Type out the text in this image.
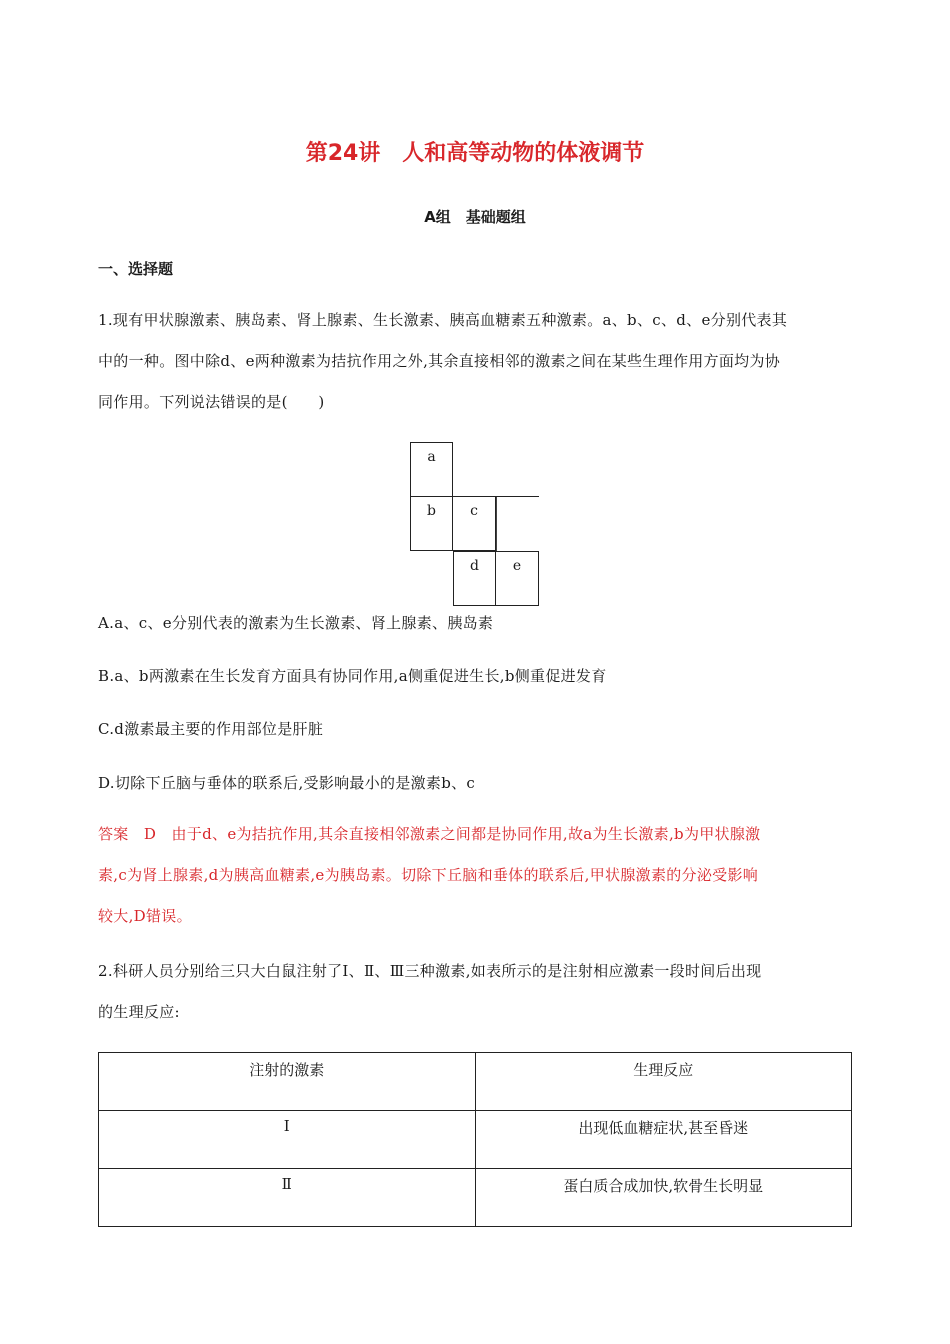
第24讲　人和高等动物的体液调节
A组　基础题组
一、选择题
1.现有甲状腺激素、胰岛素、肾上腺素、生长激素、胰高血糖素五种激素。a、b、c、d、e分别代表其
中的一种。图中除d、e两种激素为拮抗作用之外,其余直接相邻的激素之间在某些生理作用方面均为协
同作用。下列说法错误的是(　　)
a
b	c
d	e
A.a、c、e分别代表的激素为生长激素、肾上腺素、胰岛素
B.a、b两激素在生长发育方面具有协同作用,a侧重促进生长,b侧重促进发育
C.d激素最主要的作用部位是肝脏
D.切除下丘脑与垂体的联系后,受影响最小的是激素b、c
答案　D　由于d、e为拮抗作用,其余直接相邻激素之间都是协同作用,故a为生长激素,b为甲状腺激
素,c为肾上腺素,d为胰高血糖素,e为胰岛素。切除下丘脑和垂体的联系后,甲状腺激素的分泌受影响
较大,D错误。
2.科研人员分别给三只大白鼠注射了Ⅰ、Ⅱ、Ⅲ三种激素,如表所示的是注射相应激素一段时间后出现
的生理反应:
注射的激素	生理反应
Ⅰ	出现低血糖症状,甚至昏迷
Ⅱ	蛋白质合成加快,软骨生长明显
